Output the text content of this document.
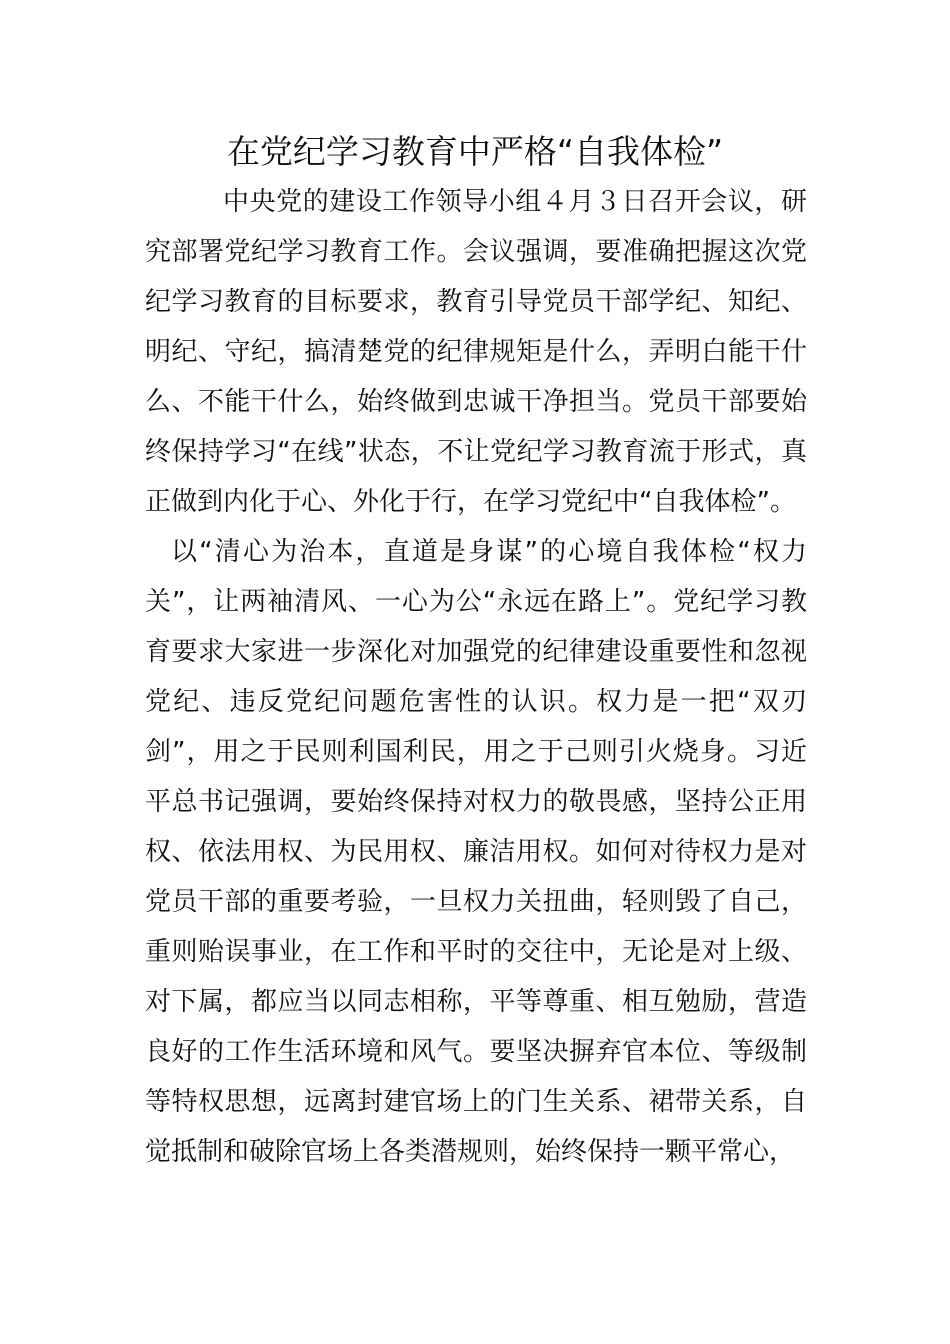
在党纪学习教育中严格“自我体检”

中央党的建设工作领导小组４月３日召开会议，研究部署党纪学习教育工作。会议强调，要准确把握这次党纪学习教育的目标要求，教育引导党员干部学纪、知纪、明纪、守纪，搞清楚党的纪律规矩是什么，弄明白能干什么、不能干什么，始终做到忠诚干净担当。党员干部要始终保持学习“在线”状态，不让党纪学习教育流于形式，真正做到内化于心、外化于行，在学习党纪中“自我体检”。

以“清心为治本，直道是身谋”的心境自我体检“权力关”，让两袖清风、一心为公“永远在路上”。党纪学习教育要求大家进一步深化对加强党的纪律建设重要性和忽视党纪、违反党纪问题危害性的认识。权力是一把“双刃剑”，用之于民则利国利民，用之于己则引火烧身。习近平总书记强调，要始终保持对权力的敬畏感，坚持公正用权、依法用权、为民用权、廉洁用权。如何对待权力是对党员干部的重要考验，一旦权力关扭曲，轻则毁了自己，重则贻误事业，在工作和平时的交往中，无论是对上级、对下属，都应当以同志相称，平等尊重、相互勉励，营造良好的工作生活环境和风气。要坚决摒弃官本位、等级制等特权思想，远离封建官场上的门生关系、裙带关系，自觉抵制和破除官场上各类潜规则，始终保持一颗平常心，
